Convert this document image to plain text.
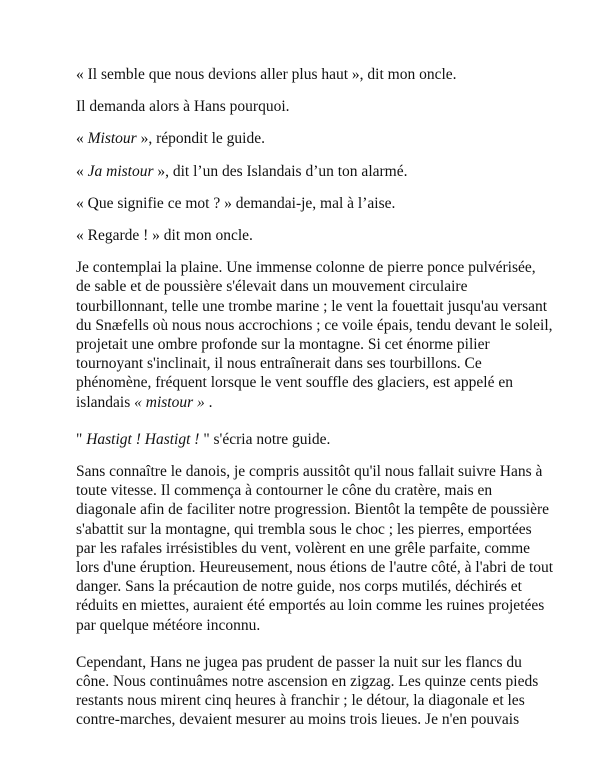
« Il semble que nous devions aller plus haut », dit mon oncle.

Il demanda alors à Hans pourquoi.

« Mistour », répondit le guide.

« Ja mistour », dit l’un des Islandais d’un ton alarmé.

« Que signifie ce mot ? » demandai-je, mal à l’aise.

« Regarde ! » dit mon oncle.

Je contemplai la plaine. Une immense colonne de pierre ponce pulvérisée, de sable et de poussière s'élevait dans un mouvement circulaire tourbillonnant, telle une trombe marine ; le vent la fouettait jusqu'au versant du Snæfells où nous nous accrochions ; ce voile épais, tendu devant le soleil, projetait une ombre profonde sur la montagne. Si cet énorme pilier tournoyant s'inclinait, il nous entraînerait dans ses tourbillons. Ce phénomène, fréquent lorsque le vent souffle des glaciers, est appelé en islandais « mistour » .

" Hastigt ! Hastigt ! " s'écria notre guide.

Sans connaître le danois, je compris aussitôt qu'il nous fallait suivre Hans à toute vitesse. Il commença à contourner le cône du cratère, mais en diagonale afin de faciliter notre progression. Bientôt la tempête de poussière s'abattit sur la montagne, qui trembla sous le choc ; les pierres, emportées par les rafales irrésistibles du vent, volèrent en une grêle parfaite, comme lors d'une éruption. Heureusement, nous étions de l'autre côté, à l'abri de tout danger. Sans la précaution de notre guide, nos corps mutilés, déchirés et réduits en miettes, auraient été emportés au loin comme les ruines projetées par quelque météore inconnu.

Cependant, Hans ne jugea pas prudent de passer la nuit sur les flancs du cône. Nous continuâmes notre ascension en zigzag. Les quinze cents pieds restants nous mirent cinq heures à franchir ; le détour, la diagonale et les contre-marches, devaient mesurer au moins trois lieues. Je n'en pouvais
